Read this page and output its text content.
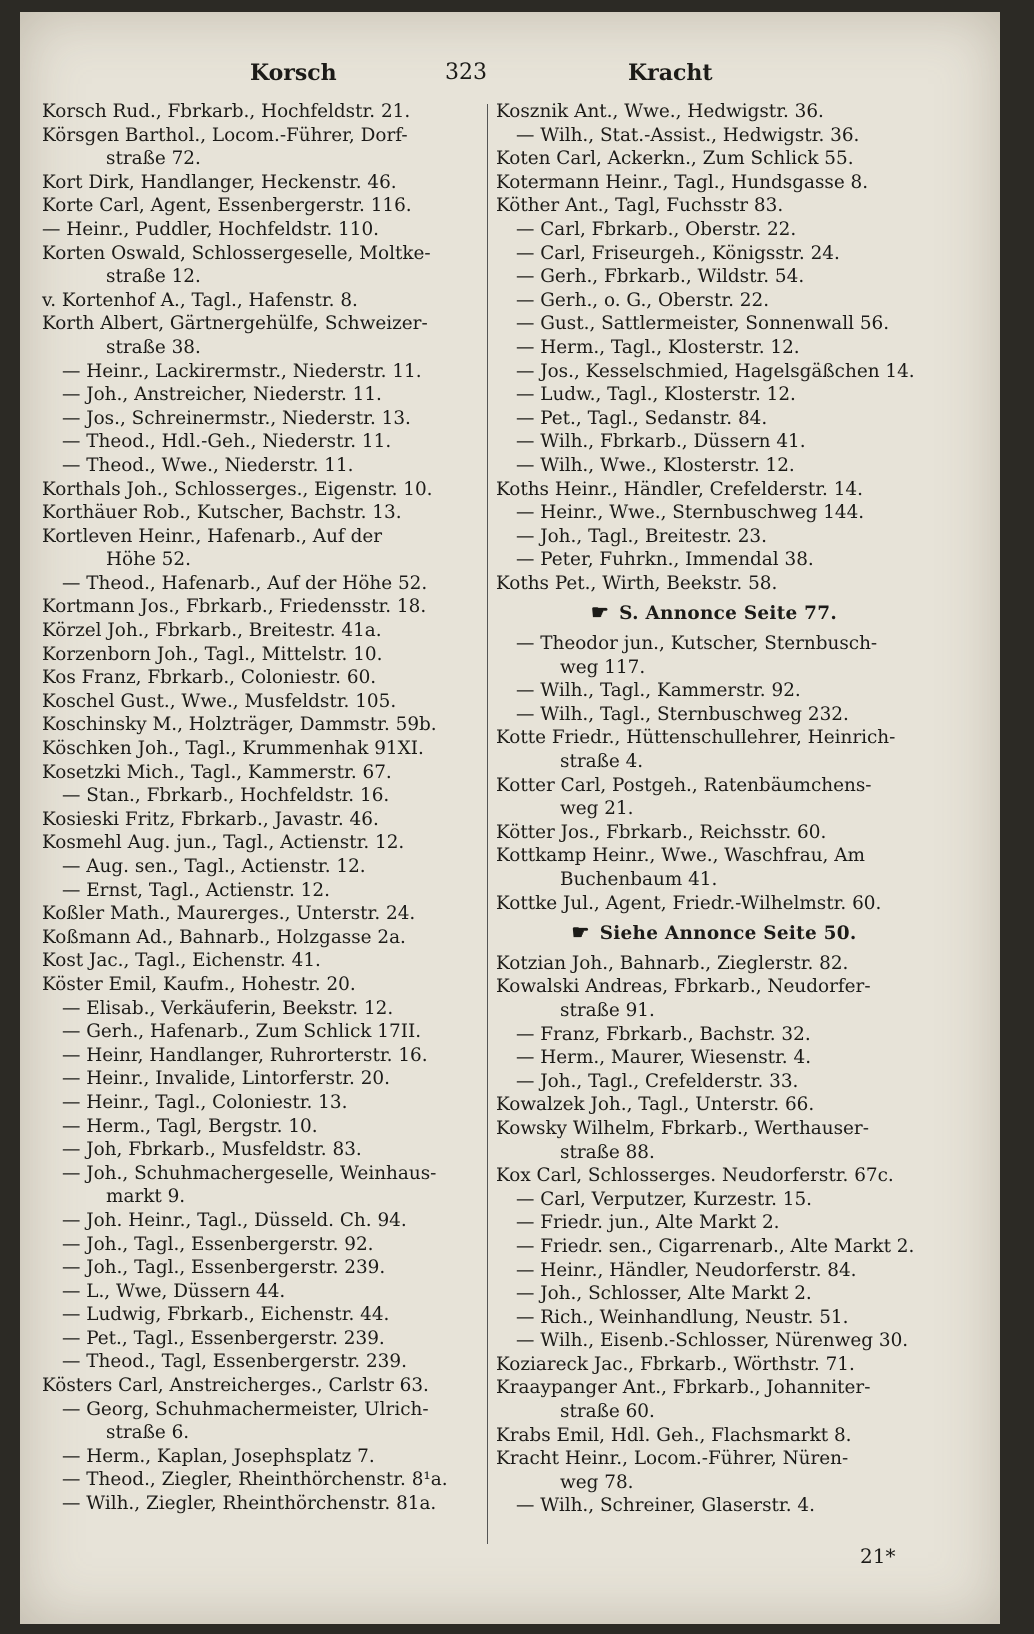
Korsch	323	Kracht
Korsch Rud., Fbrkarb., Hochfeldstr. 21.
Körsgen Barthol., Locom.-Führer, Dorf-
straße 72.
Kort Dirk, Handlanger, Heckenstr. 46.
Korte Carl, Agent, Essenbergerstr. 116.
— Heinr., Puddler, Hochfeldstr. 110.
Korten Oswald, Schlossergeselle, Moltke-
straße 12.
v. Kortenhof A., Tagl., Hafenstr. 8.
Korth Albert, Gärtnergehülfe, Schweizer-
straße 38.
— Heinr., Lackirermstr., Niederstr. 11.
— Joh., Anstreicher, Niederstr. 11.
— Jos., Schreinermstr., Niederstr. 13.
— Theod., Hdl.-Geh., Niederstr. 11.
— Theod., Wwe., Niederstr. 11.
Korthals Joh., Schlosserges., Eigenstr. 10.
Korthäuer Rob., Kutscher, Bachstr. 13.
Kortleven Heinr., Hafenarb., Auf der
Höhe 52.
— Theod., Hafenarb., Auf der Höhe 52.
Kortmann Jos., Fbrkarb., Friedensstr. 18.
Körzel Joh., Fbrkarb., Breitestr. 41a.
Korzenborn Joh., Tagl., Mittelstr. 10.
Kos Franz, Fbrkarb., Coloniestr. 60.
Koschel Gust., Wwe., Musfeldstr. 105.
Koschinsky M., Holzträger, Dammstr. 59b.
Köschken Joh., Tagl., Krummenhak 91XI.
Kosetzki Mich., Tagl., Kammerstr. 67.
— Stan., Fbrkarb., Hochfeldstr. 16.
Kosieski Fritz, Fbrkarb., Javastr. 46.
Kosmehl Aug. jun., Tagl., Actienstr. 12.
— Aug. sen., Tagl., Actienstr. 12.
— Ernst, Tagl., Actienstr. 12.
Koßler Math., Maurerges., Unterstr. 24.
Koßmann Ad., Bahnarb., Holzgasse 2a.
Kost Jac., Tagl., Eichenstr. 41.
Köster Emil, Kaufm., Hohestr. 20.
— Elisab., Verkäuferin, Beekstr. 12.
— Gerh., Hafenarb., Zum Schlick 17II.
— Heinr, Handlanger, Ruhrorterstr. 16.
— Heinr., Invalide, Lintorferstr. 20.
— Heinr., Tagl., Coloniestr. 13.
— Herm., Tagl, Bergstr. 10.
— Joh, Fbrkarb., Musfeldstr. 83.
— Joh., Schuhmachergeselle, Weinhaus-
markt 9.
— Joh. Heinr., Tagl., Düsseld. Ch. 94.
— Joh., Tagl., Essenbergerstr. 92.
— Joh., Tagl., Essenbergerstr. 239.
— L., Wwe, Düssern 44.
— Ludwig, Fbrkarb., Eichenstr. 44.
— Pet., Tagl., Essenbergerstr. 239.
— Theod., Tagl, Essenbergerstr. 239.
Kösters Carl, Anstreicherges., Carlstr 63.
— Georg, Schuhmachermeister, Ulrich-
straße 6.
— Herm., Kaplan, Josephsplatz 7.
— Theod., Ziegler, Rheinthörchenstr. 8¹a.
— Wilh., Ziegler, Rheinthörchenstr. 81a.
Kosznik Ant., Wwe., Hedwigstr. 36.
— Wilh., Stat.-Assist., Hedwigstr. 36.
Koten Carl, Ackerkn., Zum Schlick 55.
Kotermann Heinr., Tagl., Hundsgasse 8.
Köther Ant., Tagl, Fuchsstr 83.
— Carl, Fbrkarb., Oberstr. 22.
— Carl, Friseurgeh., Königsstr. 24.
— Gerh., Fbrkarb., Wildstr. 54.
— Gerh., o. G., Oberstr. 22.
— Gust., Sattlermeister, Sonnenwall 56.
— Herm., Tagl., Klosterstr. 12.
— Jos., Kesselschmied, Hagelsgäßchen 14.
— Ludw., Tagl., Klosterstr. 12.
— Pet., Tagl., Sedanstr. 84.
— Wilh., Fbrkarb., Düssern 41.
— Wilh., Wwe., Klosterstr. 12.
Koths Heinr., Händler, Crefelderstr. 14.
— Heinr., Wwe., Sternbuschweg 144.
— Joh., Tagl., Breitestr. 23.
— Peter, Fuhrkn., Immendal 38.
Koths Pet., Wirth, Beekstr. 58.
☛ S. Annonce Seite 77.
— Theodor jun., Kutscher, Sternbusch-
weg 117.
— Wilh., Tagl., Kammerstr. 92.
— Wilh., Tagl., Sternbuschweg 232.
Kotte Friedr., Hüttenschullehrer, Heinrich-
straße 4.
Kotter Carl, Postgeh., Ratenbäumchens-
weg 21.
Kötter Jos., Fbrkarb., Reichsstr. 60.
Kottkamp Heinr., Wwe., Waschfrau, Am
Buchenbaum 41.
Kottke Jul., Agent, Friedr.-Wilhelmstr. 60.
☛ Siehe Annonce Seite 50.
Kotzian Joh., Bahnarb., Zieglerstr. 82.
Kowalski Andreas, Fbrkarb., Neudorfer-
straße 91.
— Franz, Fbrkarb., Bachstr. 32.
— Herm., Maurer, Wiesenstr. 4.
— Joh., Tagl., Crefelderstr. 33.
Kowalzek Joh., Tagl., Unterstr. 66.
Kowsky Wilhelm, Fbrkarb., Werthauser-
straße 88.
Kox Carl, Schlosserges. Neudorferstr. 67c.
— Carl, Verputzer, Kurzestr. 15.
— Friedr. jun., Alte Markt 2.
— Friedr. sen., Cigarrenarb., Alte Markt 2.
— Heinr., Händler, Neudorferstr. 84.
— Joh., Schlosser, Alte Markt 2.
— Rich., Weinhandlung, Neustr. 51.
— Wilh., Eisenb.-Schlosser, Nürenweg 30.
Koziareck Jac., Fbrkarb., Wörthstr. 71.
Kraaypanger Ant., Fbrkarb., Johanniter-
straße 60.
Krabs Emil, Hdl. Geh., Flachsmarkt 8.
Kracht Heinr., Locom.-Führer, Nüren-
weg 78.
— Wilh., Schreiner, Glaserstr. 4.
21*
